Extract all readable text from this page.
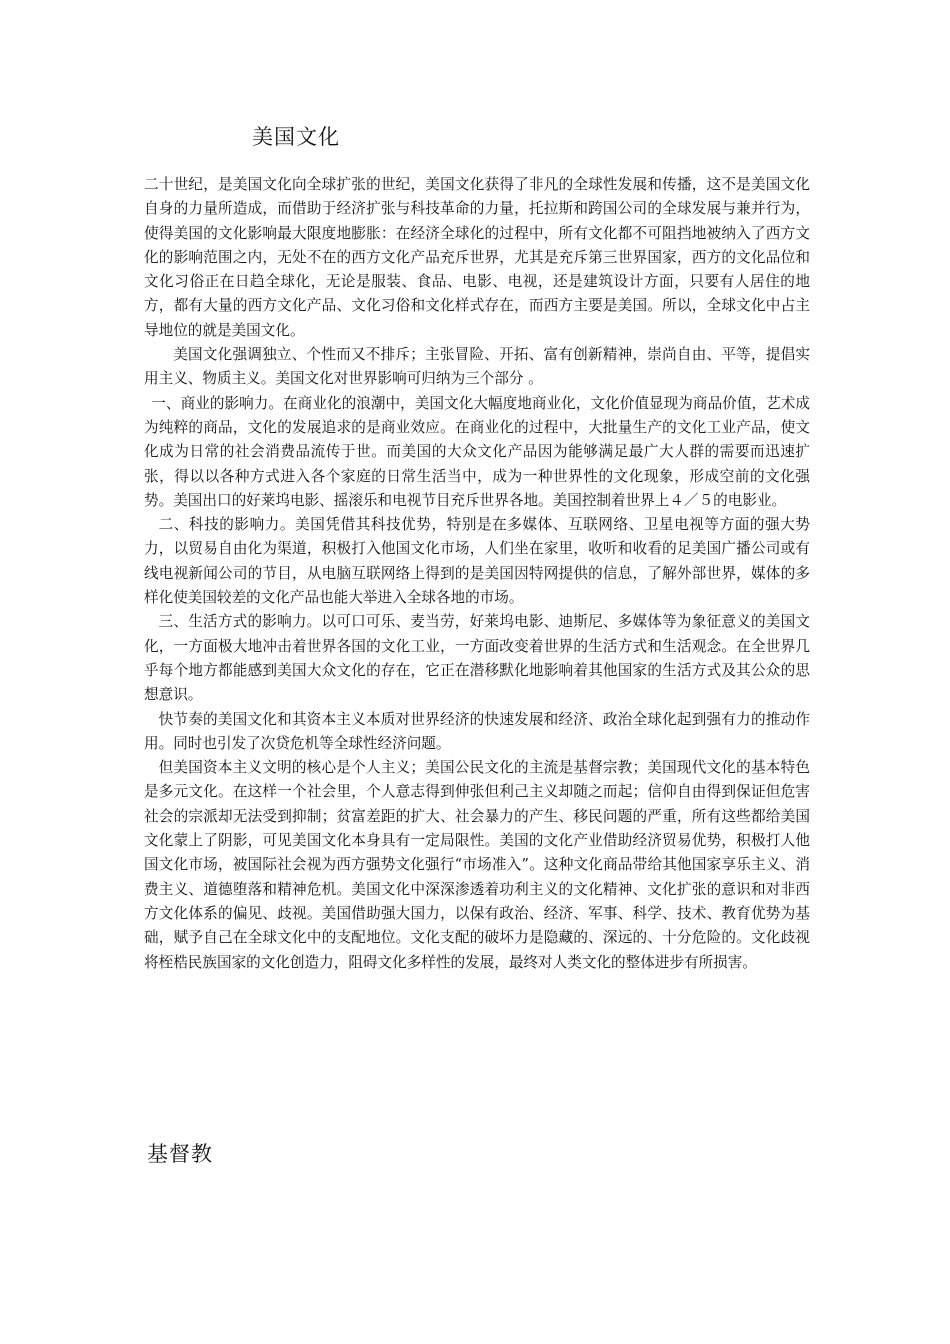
美国文化

二十世纪，是美国文化向全球扩张的世纪，美国文化获得了非凡的全球性发展和传播，这不是美国文化自身的力量所造成，而借助于经济扩张与科技革命的力量，托拉斯和跨国公司的全球发展与兼并行为，使得美国的文化影响最大限度地膨胀：在经济全球化的过程中，所有文化都不可阻挡地被纳入了西方文化的影响范围之内，无处不在的西方文化产品充斥世界，尤其是充斥第三世界国家，西方的文化品位和文化习俗正在日趋全球化，无论是服装、食品、电影、电视，还是建筑设计方面，只要有人居住的地方，都有大量的西方文化产品、文化习俗和文化样式存在，而西方主要是美国。所以，全球文化中占主导地位的就是美国文化。

美国文化强调独立、个性而又不排斥；主张冒险、开拓、富有创新精神，崇尚自由、平等，提倡实用主义、物质主义。美国文化对世界影响可归纳为三个部分 。

一、商业的影响力。在商业化的浪潮中，美国文化大幅度地商业化，文化价值显现为商品价值，艺术成为纯粹的商品，文化的发展追求的是商业效应。在商业化的过程中，大批量生产的文化工业产品，使文化成为日常的社会消费品流传于世。而美国的大众文化产品因为能够满足最广大人群的需要而迅速扩张，得以以各种方式进入各个家庭的日常生活当中，成为一种世界性的文化现象，形成空前的文化强势。美国出口的好莱坞电影、摇滚乐和电视节目充斥世界各地。美国控制着世界上４／５的电影业。

二、科技的影响力。美国凭借其科技优势，特别是在多媒体、互联网络、卫星电视等方面的强大势力，以贸易自由化为渠道，积极打入他国文化市场，人们坐在家里，收听和收看的足美国广播公司或有线电视新闻公司的节目，从电脑互联网络上得到的是美国因特网提供的信息，了解外部世界，媒体的多样化使美国较差的文化产品也能大举进入全球各地的市场。

三、生活方式的影响力。以可口可乐、麦当劳，好莱坞电影、迪斯尼、多媒体等为象征意义的美国文化，一方面极大地冲击着世界各国的文化工业，一方面改变着世界的生活方式和生活观念。在全世界几乎每个地方都能感到美国大众文化的存在，它正在潜移默化地影响着其他国家的生活方式及其公众的思想意识。

快节奏的美国文化和其资本主义本质对世界经济的快速发展和经济、政治全球化起到强有力的推动作用。同时也引发了次贷危机等全球性经济问题。

但美国资本主义文明的核心是个人主义；美国公民文化的主流是基督宗教；美国现代文化的基本特色是多元文化。在这样一个社会里，个人意志得到伸张但利己主义却随之而起；信仰自由得到保证但危害社会的宗派却无法受到抑制；贫富差距的扩大、社会暴力的产生、移民问题的严重，所有这些都给美国文化蒙上了阴影，可见美国文化本身具有一定局限性。美国的文化产业借助经济贸易优势，积极打人他国文化市场，被国际社会视为西方强势文化强行“市场准入”。这种文化商品带给其他国家享乐主义、消费主义、道德堕落和精神危机。美国文化中深深渗透着功利主义的文化精神、文化扩张的意识和对非西方文化体系的偏见、歧视。美国借助强大国力，以保有政治、经济、军事、科学、技术、教育优势为基础，赋予自己在全球文化中的支配地位。文化支配的破坏力是隐藏的、深远的、十分危险的。文化歧视将桎梏民族国家的文化创造力，阻碍文化多样性的发展，最终对人类文化的整体进步有所损害。

基督教
